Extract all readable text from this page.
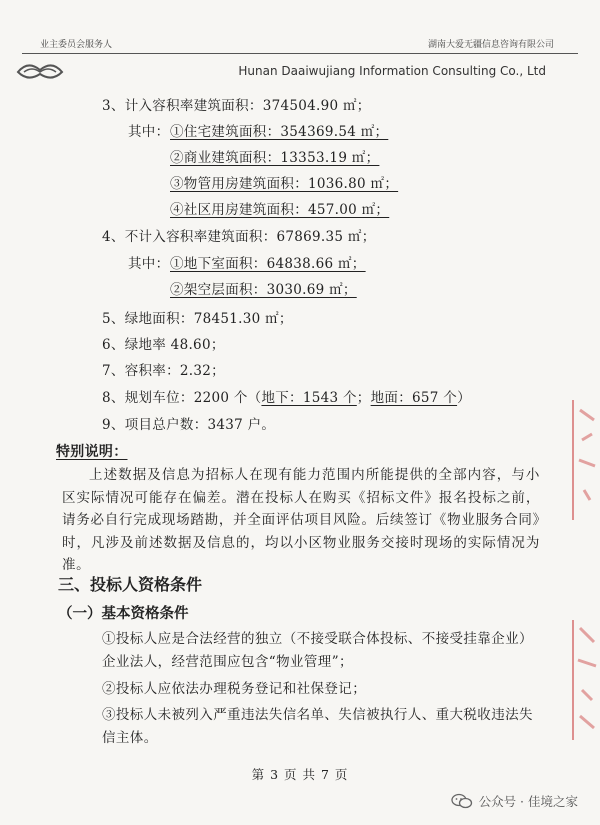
业主委员会服务人	湖南大爱无疆信息咨询有限公司
Hunan Daaiwujiang Information Consulting Co., Ltd
3、计入容积率建筑面积：374504.90 ㎡；
其中： ①住宅建筑面积：354369.54 ㎡；
②商业建筑面积：13353.19 ㎡；
③物管用房建筑面积：1036.80 ㎡；
④社区用房建筑面积：457.00 ㎡；
4、不计入容积率建筑面积：67869.35 ㎡；
其中： ①地下室面积：64838.66 ㎡；
②架空层面积：3030.69 ㎡；
5、绿地面积：78451.30 ㎡；
6、绿地率 48.60；
7、容积率：2.32；
8、规划车位：2200 个（地下：1543 个；地面：657 个）
9、项目总户数：3437 户。
特别说明：
上述数据及信息为招标人在现有能力范围内所能提供的全部内容，与小区实际情况可能存在偏差。潜在投标人在购买《招标文件》报名投标之前，请务必自行完成现场踏勘，并全面评估项目风险。后续签订《物业服务合同》时，凡涉及前述数据及信息的，均以小区物业服务交接时现场的实际情况为准。
三、投标人资格条件
（一）基本资格条件
①投标人应是合法经营的独立（不接受联合体投标、不接受挂靠企业）企业法人，经营范围应包含“物业管理”；
②投标人应依法办理税务登记和社保登记；
③投标人未被列入严重违法失信名单、失信被执行人、重大税收违法失信主体。
第 3 页 共 7 页
公众号 · 佳境之家
